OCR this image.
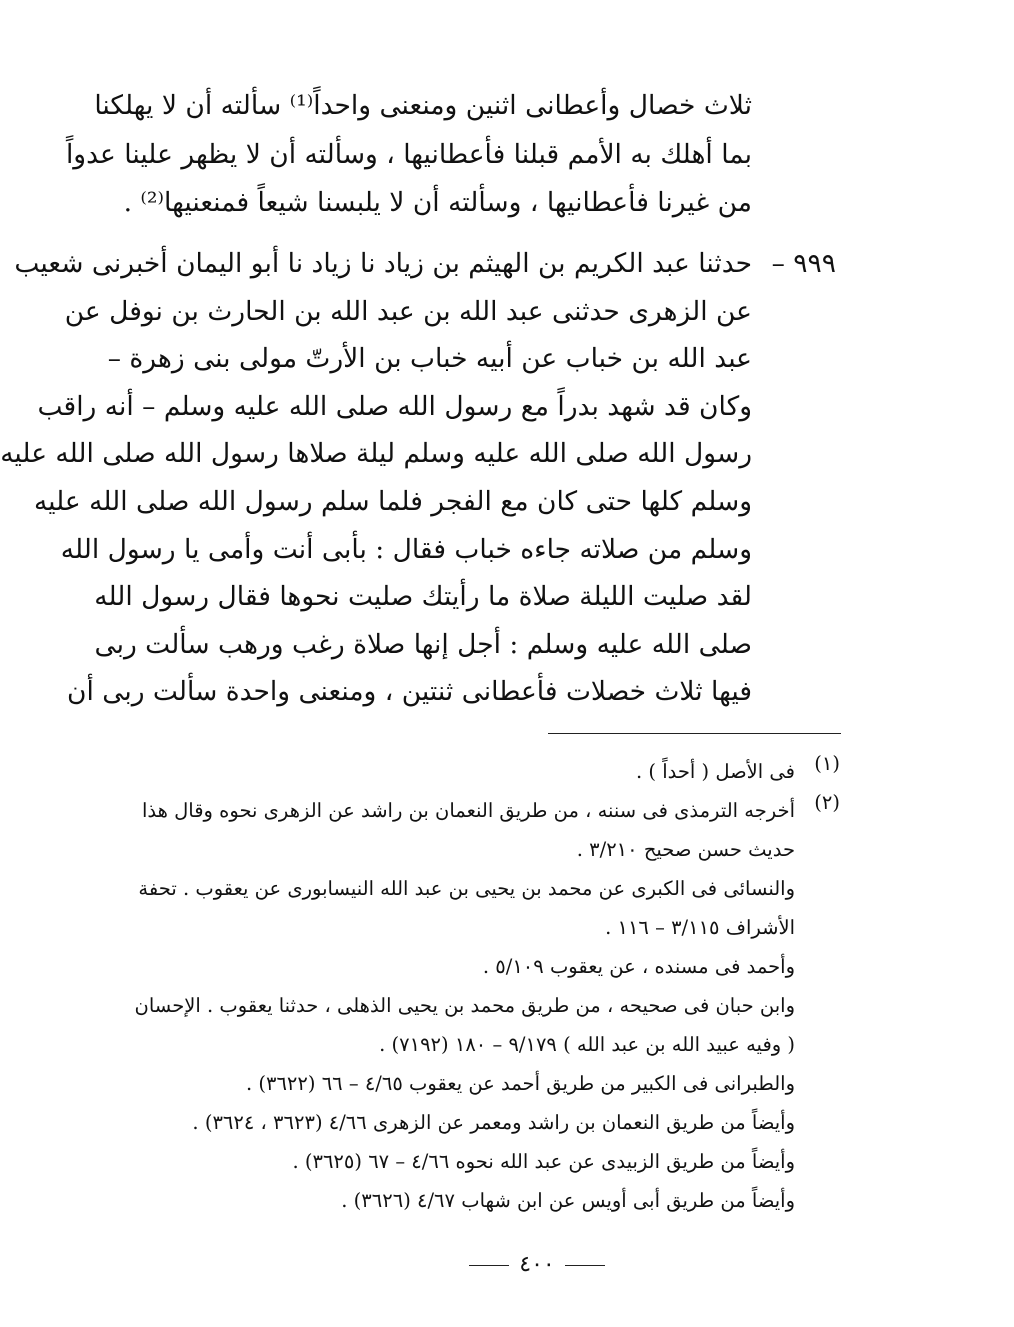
ثلاث خصال وأعطانى اثنين ومنعنى واحداً⁽¹⁾ سألته أن لا يهلكنا
بما أهلك به الأمم قبلنا فأعطانيها ، وسألته أن لا يظهر علينا عدواً
من غيرنا فأعطانيها ، وسألته أن لا يلبسنا شيعاً فمنعنيها⁽²⁾ .
٩٩٩ –
حدثنا عبد الكريم بن الهيثم بن زياد نا زياد نا أبو اليمان أخبرنى شعيب
عن الزهرى حدثنى عبد الله بن عبد الله بن الحارث بن نوفل عن
عبد الله بن خباب عن أبيه خباب بن الأرتّ مولى بنى زهرة –
وكان قد شهد بدراً مع رسول الله صلى الله عليه وسلم – أنه راقب
رسول الله صلى الله عليه وسلم ليلة صلاها رسول الله صلى الله عليه
وسلم كلها حتى كان مع الفجر فلما سلم رسول الله صلى الله عليه
وسلم من صلاته جاءه خباب فقال : بأبى أنت وأمى يا رسول الله
لقد صليت الليلة صلاة ما رأيتك صليت نحوها فقال رسول الله
صلى الله عليه وسلم : أجل إنها صلاة رغب ورهب سألت ربى
فيها ثلاث خصلات فأعطانى ثنتين ، ومنعنى واحدة سألت ربى أن
(١)
فى الأصل ( أحداً ) .
(٢)
أخرجه الترمذى فى سننه ، من طريق النعمان بن راشد عن الزهرى نحوه وقال هذا
حديث حسن صحيح ٣/٢١٠ .
والنسائى فى الكبرى عن محمد بن يحيى بن عبد الله النيسابورى عن يعقوب . تحفة
الأشراف ٣/١١٥ – ١١٦ .
وأحمد فى مسنده ، عن يعقوب ٥/١٠٩ .
وابن حبان فى صحيحه ، من طريق محمد بن يحيى الذهلى ، حدثنا يعقوب . الإحسان
( وفيه عبيد الله بن عبد الله ) ٩/١٧٩ – ١٨٠ (٧١٩٢) .
والطبرانى فى الكبير من طريق أحمد عن يعقوب ٤/٦٥ – ٦٦ (٣٦٢٢) .
وأيضاً من طريق النعمان بن راشد ومعمر عن الزهرى ٤/٦٦ (٣٦٢٣ ، ٣٦٢٤) .
وأيضاً من طريق الزبيدى عن عبد الله نحوه ٤/٦٦ – ٦٧ (٣٦٢٥) .
وأيضاً من طريق أبى أويس عن ابن شهاب ٤/٦٧ (٣٦٢٦) .
٤٠٠
